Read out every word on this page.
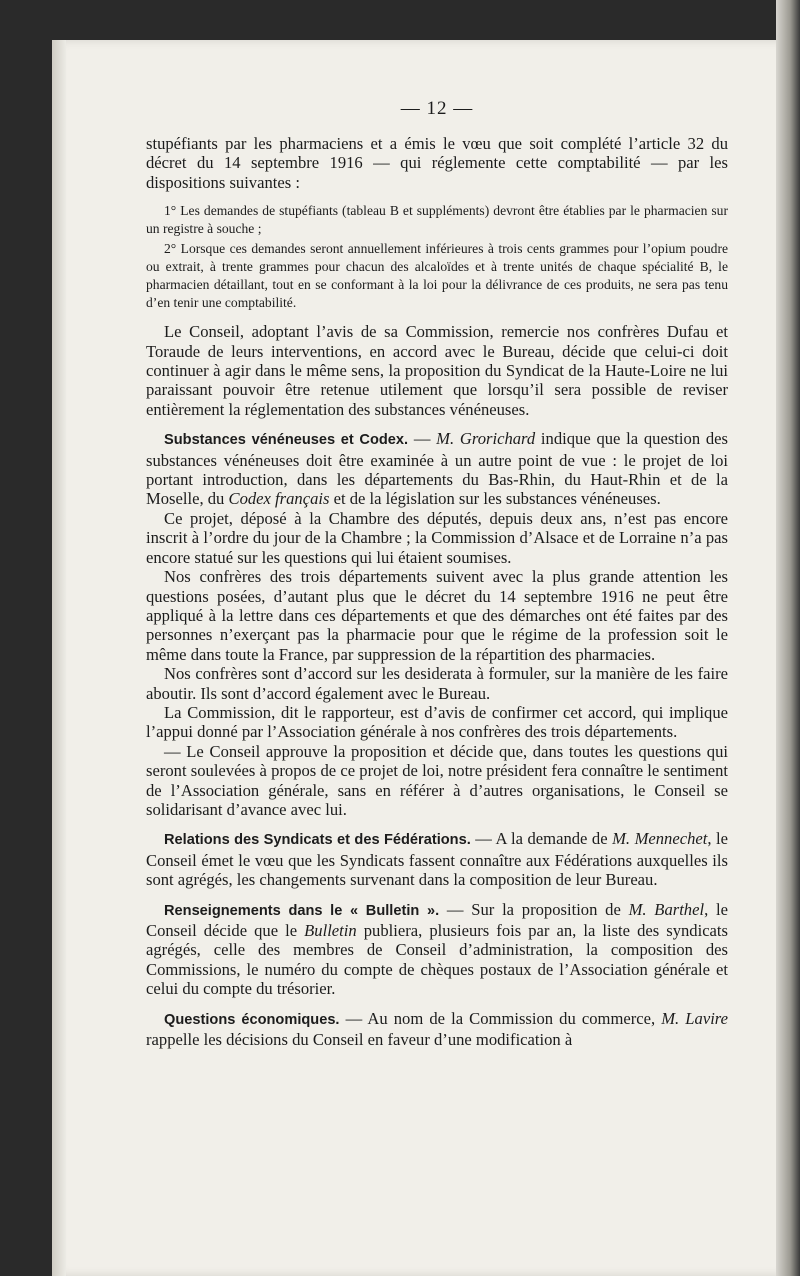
— 12 —

stupéfiants par les pharmaciens et a émis le vœu que soit complété l’article 32 du décret du 14 septembre 1916 — qui réglemente cette comptabilité — par les dispositions suivantes :

1° Les demandes de stupéfiants (tableau B et suppléments) devront être établies par le pharmacien sur un registre à souche ;

2° Lorsque ces demandes seront annuellement inférieures à trois cents grammes pour l’opium poudre ou extrait, à trente grammes pour chacun des alcaloïdes et à trente unités de chaque spécialité B, le pharmacien détaillant, tout en se conformant à la loi pour la délivrance de ces produits, ne sera pas tenu d’en tenir une comptabilité.

Le Conseil, adoptant l’avis de sa Commission, remercie nos confrères Dufau et Toraude de leurs interventions, en accord avec le Bureau, décide que celui-ci doit continuer à agir dans le même sens, la proposition du Syndicat de la Haute-Loire ne lui paraissant pouvoir être retenue utilement que lorsqu’il sera possible de reviser entièrement la réglementation des substances vénéneuses.

Substances vénéneuses et Codex. — M. Grorichard indique que la question des substances vénéneuses doit être examinée à un autre point de vue : le projet de loi portant introduction, dans les départements du Bas-Rhin, du Haut-Rhin et de la Moselle, du Codex français et de la législation sur les substances vénéneuses.

Ce projet, déposé à la Chambre des députés, depuis deux ans, n’est pas encore inscrit à l’ordre du jour de la Chambre ; la Commission d’Alsace et de Lorraine n’a pas encore statué sur les questions qui lui étaient soumises.

Nos confrères des trois départements suivent avec la plus grande attention les questions posées, d’autant plus que le décret du 14 septembre 1916 ne peut être appliqué à la lettre dans ces départements et que des démarches ont été faites par des personnes n’exerçant pas la pharmacie pour que le régime de la profession soit le même dans toute la France, par suppression de la répartition des pharmacies.

Nos confrères sont d’accord sur les desiderata à formuler, sur la manière de les faire aboutir. Ils sont d’accord également avec le Bureau.

La Commission, dit le rapporteur, est d’avis de confirmer cet accord, qui implique l’appui donné par l’Association générale à nos confrères des trois départements.

— Le Conseil approuve la proposition et décide que, dans toutes les questions qui seront soulevées à propos de ce projet de loi, notre président fera connaître le sentiment de l’Association générale, sans en référer à d’autres organisations, le Conseil se solidarisant d’avance avec lui.

Relations des Syndicats et des Fédérations. — A la demande de M. Mennechet, le Conseil émet le vœu que les Syndicats fassent connaître aux Fédérations auxquelles ils sont agrégés, les changements survenant dans la composition de leur Bureau.

Renseignements dans le « Bulletin ». — Sur la proposition de M. Barthel, le Conseil décide que le Bulletin publiera, plusieurs fois par an, la liste des syndicats agrégés, celle des membres de Conseil d’administration, la composition des Commissions, le numéro du compte de chèques postaux de l’Association générale et celui du compte du trésorier.

Questions économiques. — Au nom de la Commission du commerce, M. Lavire rappelle les décisions du Conseil en faveur d’une modification à
